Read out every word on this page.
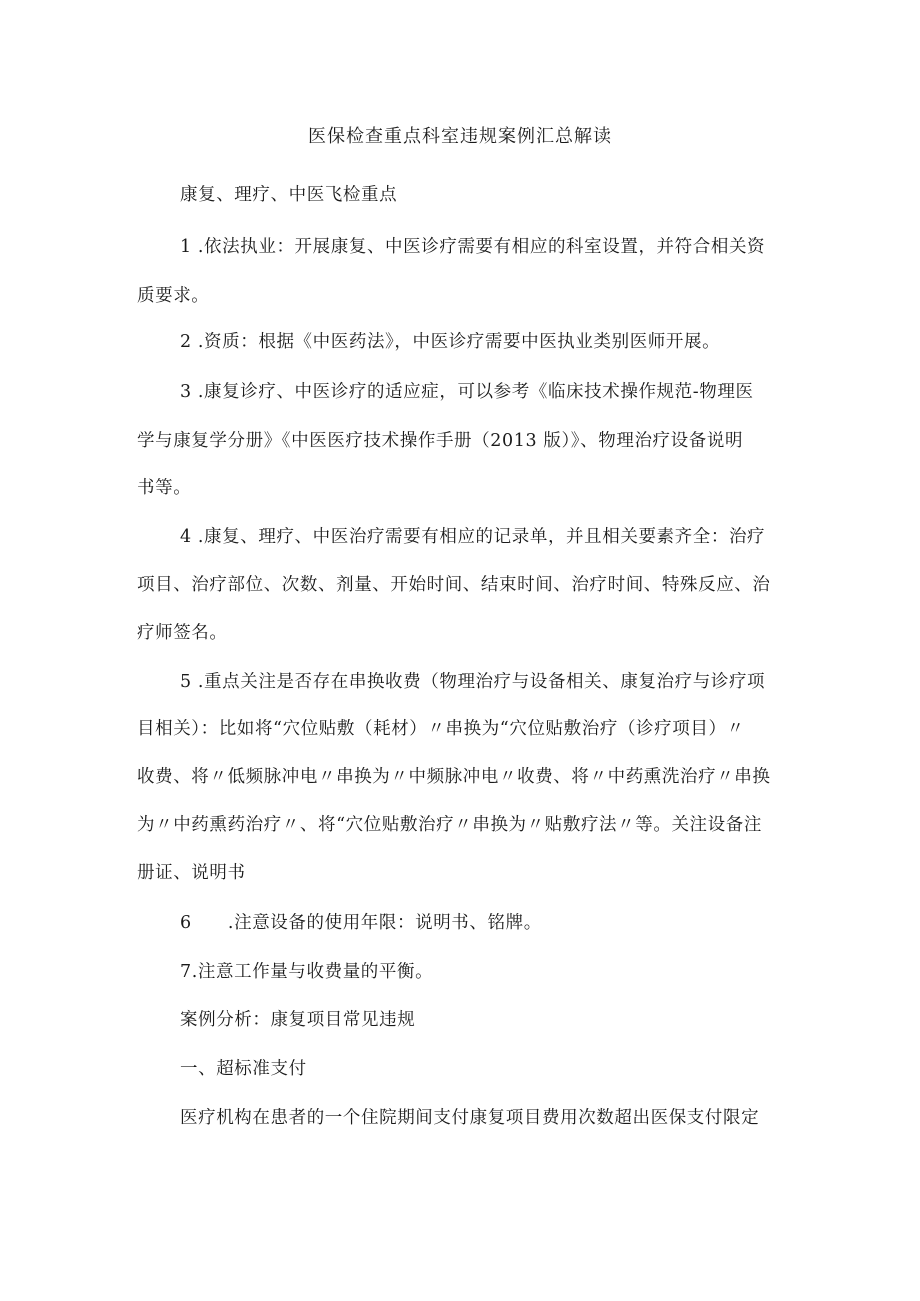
医保检查重点科室违规案例汇总解读
康复、理疗、中医飞检重点
1 .依法执业：开展康复、中医诊疗需要有相应的科室设置，并符合相关资
质要求。
2 .资质：根据《中医药法》，中医诊疗需要中医执业类别医师开展。
3 .康复诊疗、中医诊疗的适应症，可以参考《临床技术操作规范-物理医
学与康复学分册》《中医医疗技术操作手册（2013 版）》、物理治疗设备说明
书等。
4 .康复、理疗、中医治疗需要有相应的记录单，并且相关要素齐全：治疗
项目、治疗部位、次数、剂量、开始时间、结束时间、治疗时间、特殊反应、治
疗师签名。
5 .重点关注是否存在串换收费（物理治疗与设备相关、康复治疗与诊疗项
目相关）：比如将“穴位贴敷（耗材）〃串换为“穴位贴敷治疗（诊疗项目）〃
收费、将〃低频脉冲电〃串换为〃中频脉冲电〃收费、将〃中药熏洗治疗〃串换
为〃中药熏药治疗〃、将“穴位贴敷治疗〃串换为〃贴敷疗法〃等。关注设备注
册证、说明书
6　　.注意设备的使用年限：说明书、铭牌。
7.注意工作量与收费量的平衡。
案例分析：康复项目常见违规
一、超标准支付
医疗机构在患者的一个住院期间支付康复项目费用次数超出医保支付限定
